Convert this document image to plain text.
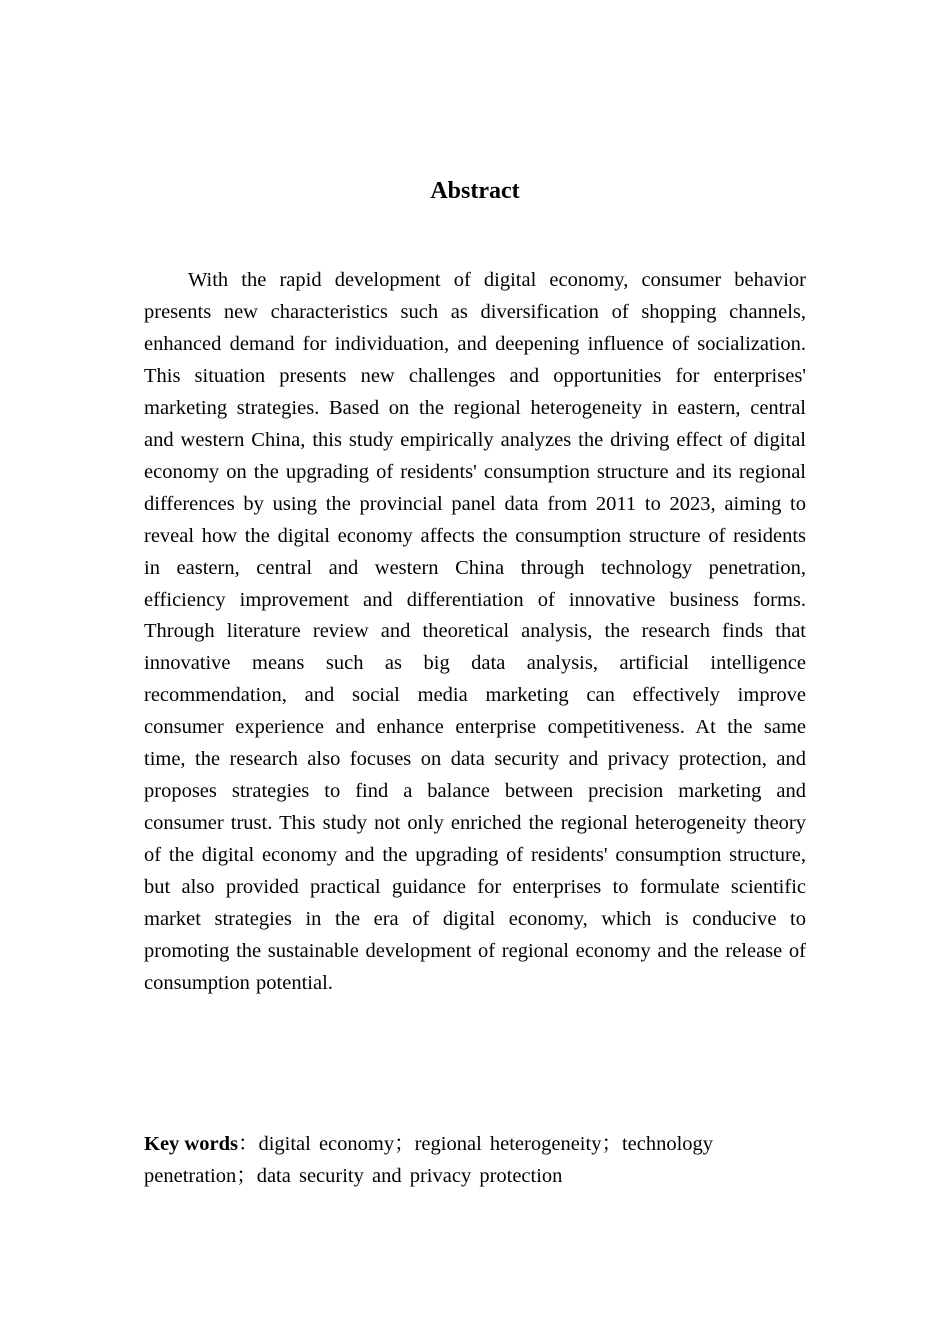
Abstract

With the rapid development of digital economy, consumer behavior presents new characteristics such as diversification of shopping channels, enhanced demand for individuation, and deepening influence of socialization. This situation presents new challenges and opportunities for enterprises' marketing strategies. Based on the regional heterogeneity in eastern, central and western China, this study empirically analyzes the driving effect of digital economy on the upgrading of residents' consumption structure and its regional differences by using the provincial panel data from 2011 to 2023, aiming to reveal how the digital economy affects the consumption structure of residents in eastern, central and western China through technology penetration, efficiency improvement and differentiation of innovative business forms. Through literature review and theoretical analysis, the research finds that innovative means such as big data analysis, artificial intelligence recommendation, and social media marketing can effectively improve consumer experience and enhance enterprise competitiveness. At the same time, the research also focuses on data security and privacy protection, and proposes strategies to find a balance between precision marketing and consumer trust. This study not only enriched the regional heterogeneity theory of the digital economy and the upgrading of residents' consumption structure, but also provided practical guidance for enterprises to formulate scientific market strategies in the era of digital economy, which is conducive to promoting the sustainable development of regional economy and the release of consumption potential.

Key words：digital economy；regional heterogeneity；technology penetration；data security and privacy protection
